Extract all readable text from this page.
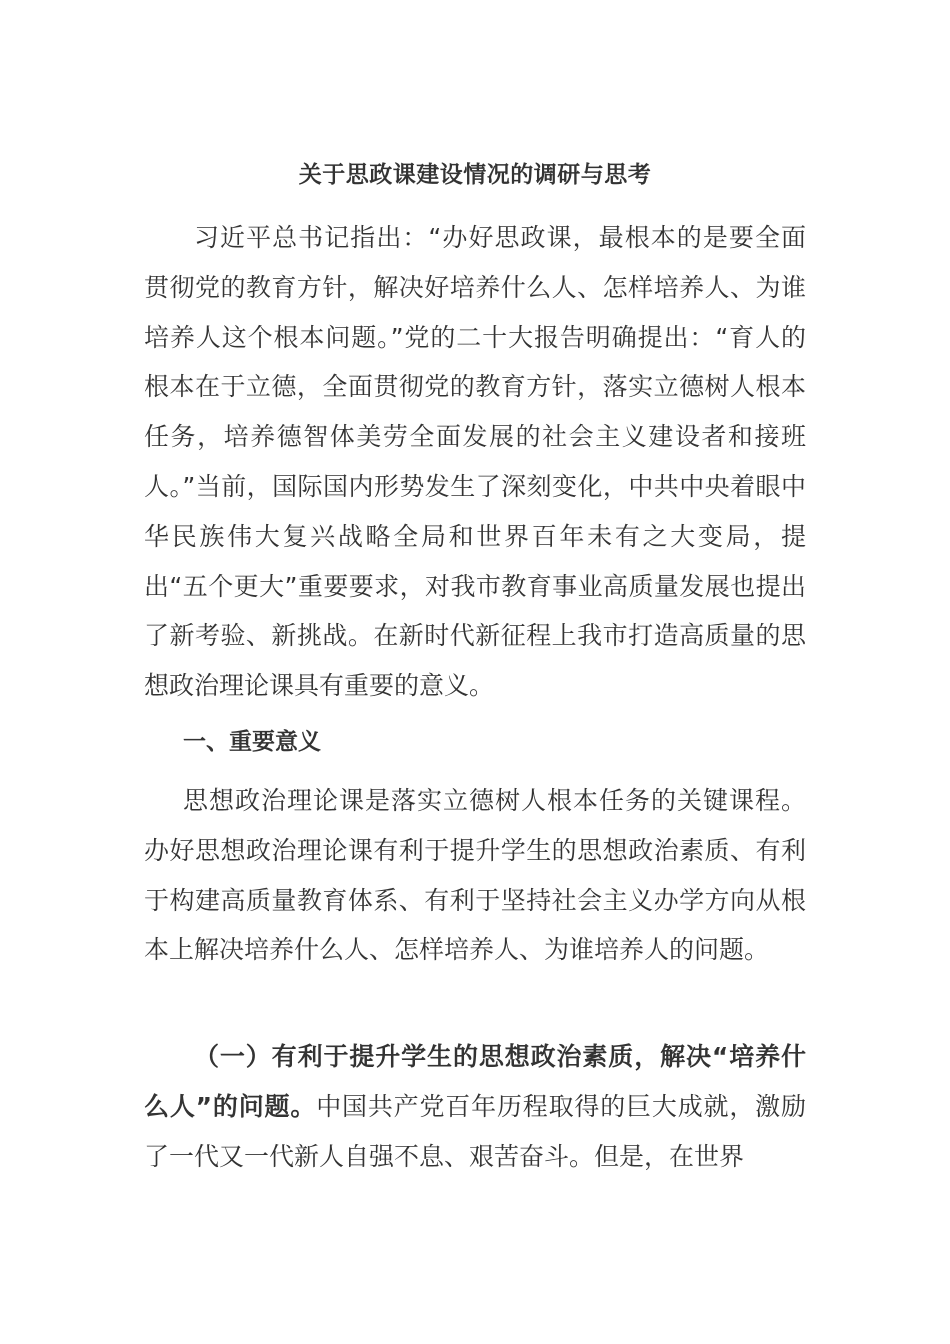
关于思政课建设情况的调研与思考

习近平总书记指出：“办好思政课，最根本的是要全面贯彻党的教育方针，解决好培养什么人、怎样培养人、为谁培养人这个根本问题。”党的二十大报告明确提出：“育人的根本在于立德，全面贯彻党的教育方针，落实立德树人根本任务，培养德智体美劳全面发展的社会主义建设者和接班人。”当前，国际国内形势发生了深刻变化，中共中央着眼中华民族伟大复兴战略全局和世界百年未有之大变局，提出“五个更大”重要要求，对我市教育事业高质量发展也提出了新考验、新挑战。在新时代新征程上我市打造高质量的思想政治理论课具有重要的意义。

一、重要意义

思想政治理论课是落实立德树人根本任务的关键课程。办好思想政治理论课有利于提升学生的思想政治素质、有利于构建高质量教育体系、有利于坚持社会主义办学方向从根本上解决培养什么人、怎样培养人、为谁培养人的问题。

（一）有利于提升学生的思想政治素质，解决“培养什么人”的问题。中国共产党百年历程取得的巨大成就，激励了一代又一代新人自强不息、艰苦奋斗。但是，在世界
